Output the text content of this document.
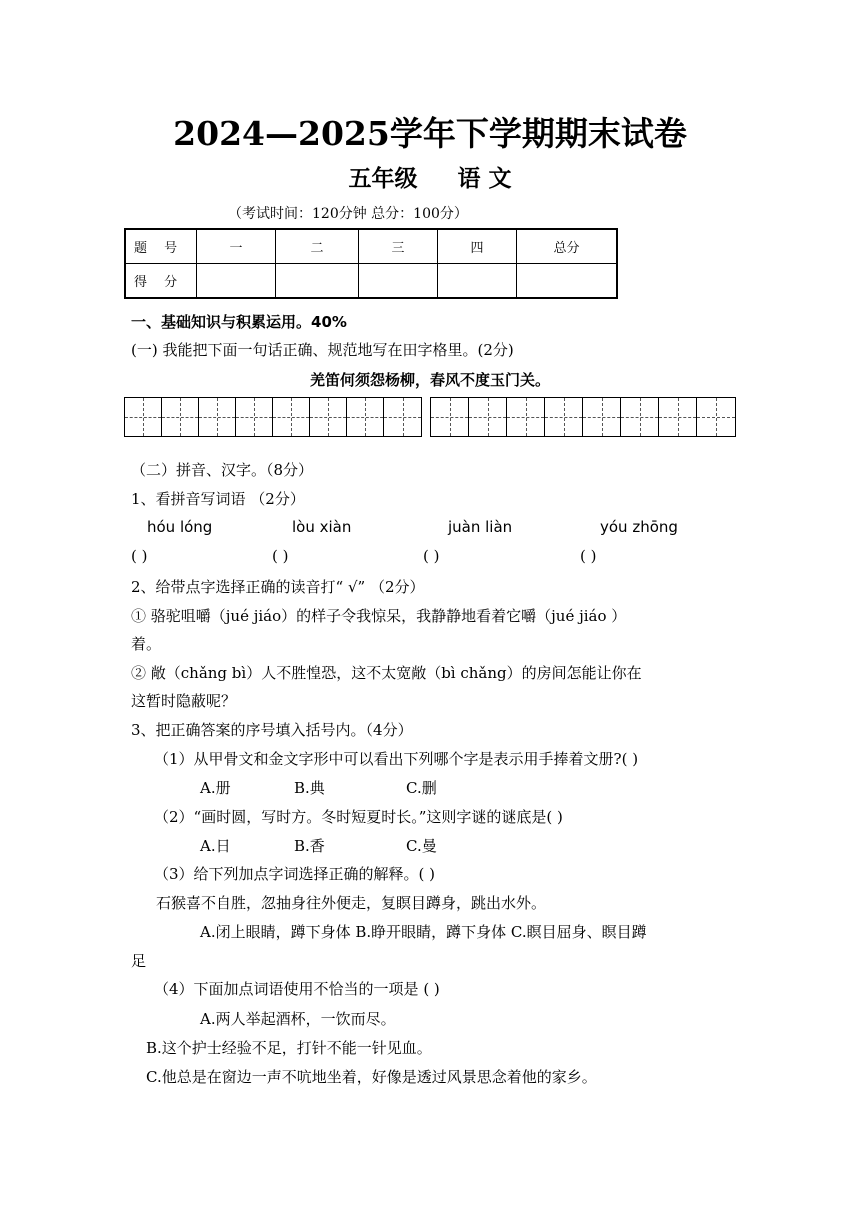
2024—2025学年下学期期末试卷
五年级 语 文
（考试时间：120分钟 总分：100分）
题　 号	一	二	三	四	总分
得　 分					
一、基础知识与积累运用。40%
(一) 我能把下面一句话正确、规范地写在田字格里。(2分)
羌笛何须怨杨柳，春风不度玉门关。
（二）拼音、汉字。（8分）
1、看拼音写词语 （2分）
hóu lóng	lòu xiàn	juàn liàn	yóu zhōng
( )	( )	( )	( )
2、给带点字选择正确的读音打“ √” （2分）
① 骆驼咀嚼（jué jiáo）的样子令我惊呆，我静静地看着它嚼（jué jiáo ）
着。
② 敞（chǎng bì）人不胜惶恐，这不太宽敞（bì chǎng）的房间怎能让你在
这暂时隐蔽呢？
3、把正确答案的序号填入括号内。（4分）
（1）从甲骨文和金文字形中可以看出下列哪个字是表示用手捧着文册?( )
A.册	B.典	C.删
（2）“画时圆，写时方。冬时短夏时长。”这则字谜的谜底是( )
A.日	B.香	C.曼
（3）给下列加点字词选择正确的解释。( )
石猴喜不自胜，忽抽身往外便走，复瞑目蹲身，跳出水外。
A.闭上眼睛，蹲下身体 B.睁开眼睛，蹲下身体 C.瞑目屈身、瞑目蹲
足
（4）下面加点词语使用不恰当的一项是 ( )
A.两人举起酒杯，一饮而尽。
B.这个护士经验不足，打针不能一针见血。
C.他总是在窗边一声不吭地坐着，好像是透过风景思念着他的家乡。
